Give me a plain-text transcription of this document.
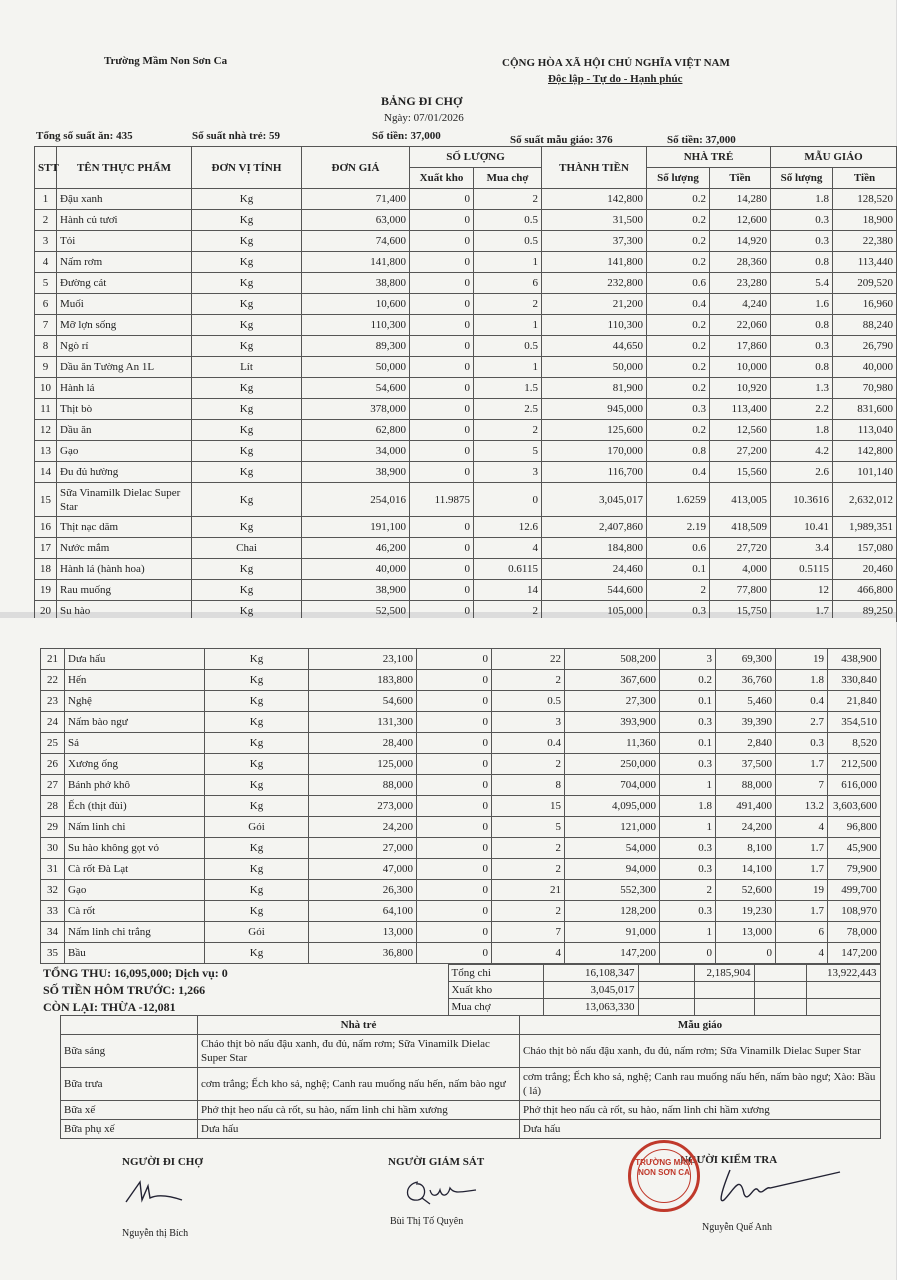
Trường Mầm Non Sơn Ca	CỘNG HÒA XÃ HỘI CHỦ NGHĨA VIỆT NAM
Độc lập - Tự do - Hạnh phúc
BẢNG ĐI CHỢ
Ngày: 07/01/2026
Tổng số suất ăn: 435	Số suất nhà trẻ: 59	Số tiền: 37,000	Số suất mẫu giáo: 376	Số tiền: 37,000
STT	TÊN THỰC PHẨM	ĐƠN VỊ TÍNH	ĐƠN GIÁ	SỐ LƯỢNG		THÀNH TIỀN	NHÀ TRẺ		MẪU GIÁO	
				Xuất kho	Mua chợ		Số lượng	Tiền	Số lượng	Tiền
1	Đậu xanh	Kg	71,400	0	2	142,800	0.2	14,280	1.8	128,520
2	Hành củ tươi	Kg	63,000	0	0.5	31,500	0.2	12,600	0.3	18,900
3	Tỏi	Kg	74,600	0	0.5	37,300	0.2	14,920	0.3	22,380
4	Nấm rơm	Kg	141,800	0	1	141,800	0.2	28,360	0.8	113,440
5	Đường cát	Kg	38,800	0	6	232,800	0.6	23,280	5.4	209,520
6	Muối	Kg	10,600	0	2	21,200	0.4	4,240	1.6	16,960
7	Mỡ lợn sống	Kg	110,300	0	1	110,300	0.2	22,060	0.8	88,240
8	Ngò rí	Kg	89,300	0	0.5	44,650	0.2	17,860	0.3	26,790
9	Dầu ăn Tường An 1L	Lít	50,000	0	1	50,000	0.2	10,000	0.8	40,000
10	Hành lá	Kg	54,600	0	1.5	81,900	0.2	10,920	1.3	70,980
11	Thịt bò	Kg	378,000	0	2.5	945,000	0.3	113,400	2.2	831,600
12	Dầu ăn	Kg	62,800	0	2	125,600	0.2	12,560	1.8	113,040
13	Gạo	Kg	34,000	0	5	170,000	0.8	27,200	4.2	142,800
14	Đu đủ hường	Kg	38,900	0	3	116,700	0.4	15,560	2.6	101,140
15	Sữa Vinamilk Dielac Super Star	Kg	254,016	11.9875	0	3,045,017	1.6259	413,005	10.3616	2,632,012
16	Thịt nạc dăm	Kg	191,100	0	12.6	2,407,860	2.19	418,509	10.41	1,989,351
17	Nước mắm	Chai	46,200	0	4	184,800	0.6	27,720	3.4	157,080
18	Hành lá (hành hoa)	Kg	40,000	0	0.6115	24,460	0.1	4,000	0.5115	20,460
19	Rau muống	Kg	38,900	0	14	544,600	2	77,800	12	466,800
20	Su hào	Kg	52,500	0	2	105,000	0.3	15,750	1.7	89,250
21	Dưa hấu	Kg	23,100	0	22	508,200	3	69,300	19	438,900
22	Hến	Kg	183,800	0	2	367,600	0.2	36,760	1.8	330,840
23	Nghệ	Kg	54,600	0	0.5	27,300	0.1	5,460	0.4	21,840
24	Nấm bào ngư	Kg	131,300	0	3	393,900	0.3	39,390	2.7	354,510
25	Sả	Kg	28,400	0	0.4	11,360	0.1	2,840	0.3	8,520
26	Xương ống	Kg	125,000	0	2	250,000	0.3	37,500	1.7	212,500
27	Bánh phở khô	Kg	88,000	0	8	704,000	1	88,000	7	616,000
28	Ếch (thịt đùi)	Kg	273,000	0	15	4,095,000	1.8	491,400	13.2	3,603,600
29	Nấm linh chi	Gói	24,200	0	5	121,000	1	24,200	4	96,800
30	Su hào không gọt vỏ	Kg	27,000	0	2	54,000	0.3	8,100	1.7	45,900
31	Cà rốt Đà Lạt	Kg	47,000	0	2	94,000	0.3	14,100	1.7	79,900
32	Gạo	Kg	26,300	0	21	552,300	2	52,600	19	499,700
33	Cà rốt	Kg	64,100	0	2	128,200	0.3	19,230	1.7	108,970
34	Nấm linh chi trắng	Gói	13,000	0	7	91,000	1	13,000	6	78,000
35	Bầu	Kg	36,800	0	4	147,200	0	0	4	147,200
TỔNG THU: 16,095,000; Dịch vụ: 0	Tổng chi	16,108,347		2,185,904		13,922,443
SỐ TIỀN HÔM TRƯỚC: 1,266	Xuất kho	3,045,017				
CÒN LẠI: THỪA -12,081	Mua chợ	13,063,330				
	Nhà trẻ	Mẫu giáo
Bữa sáng	Cháo thịt bò nấu đậu xanh, đu đủ, nấm rơm; Sữa Vinamilk Dielac Super Star	Cháo thịt bò nấu đậu xanh, đu đủ, nấm rơm; Sữa Vinamilk Dielac Super Star
Bữa trưa	cơm trắng; Ếch kho sả, nghệ; Canh rau muống nấu hến, nấm bào ngư	cơm trắng; Ếch kho sả, nghệ; Canh rau muống nấu hến, nấm bào ngư; Xào: Bầu ( lá)
Bữa xế	Phở thịt heo nấu cà rốt, su hào, nấm linh chi hầm xương	Phở thịt heo nấu cà rốt, su hào, nấm linh chi hầm xương
Bữa phụ xế	Dưa hấu	Dưa hấu
NGƯỜI ĐI CHỢ
Nguyễn thị Bích
NGƯỜI GIÁM SÁT
Bùi Thị Tố Quyên
NGƯỜI KIỂM TRA
TRƯỜNG MẦM NON SƠN CA
Nguyễn Quế Anh
